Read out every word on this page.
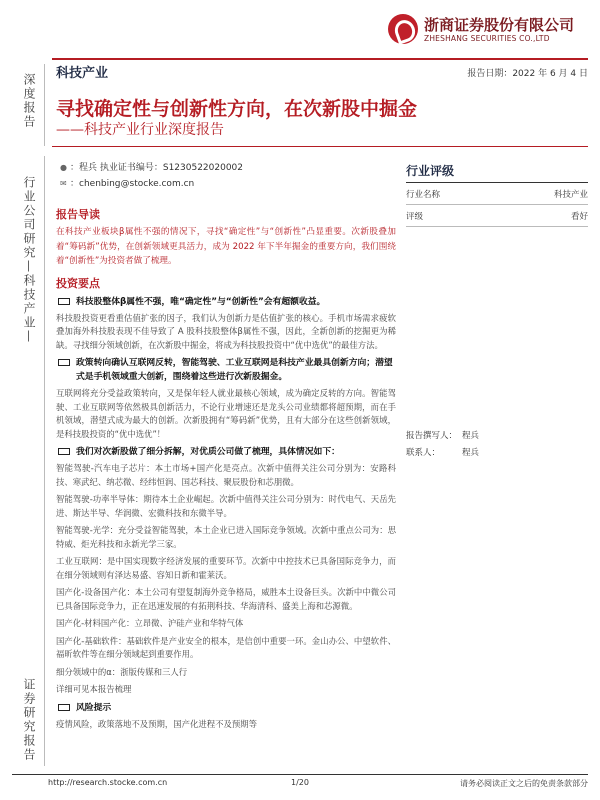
浙商证券股份有限公司
ZHESHANG SECURITIES CO.,LTD
科技产业	报告日期：2022 年 6 月 4 日
深度报告
行业公司研究—科技产业—
证券研究报告
寻找确定性与创新性方向，在次新股中掘金
——科技产业行业深度报告
● ：程兵 执业证书编号：S1230522020002
✉ ：chenbing@stocke.com.cn
报告导读
在科技产业板块β属性不强的情况下，寻找“确定性”与“创新性”凸显重要。次新股叠加着“筹码新”优势，在创新领域更具活力，成为 2022 年下半年掘金的重要方向，我们围绕着“创新性”为投资者做了梳理。
投资要点
科技股整体β属性不强，唯“确定性”与“创新性”会有超额收益。
科技股投资更看重估值扩张的因子，我们认为创新力是估值扩张的核心。手机市场需求疲软叠加海外科技股表现不佳导致了 A 股科技股整体β属性不强，因此，全新创新的挖掘更为稀缺。寻找细分领域创新，在次新股中掘金，将成为科技股投资中“优中选优”的最佳方法。
政策转向确认互联网反转，智能驾驶、工业互联网是科技产业最具创新方向；潜望式是手机领域重大创新，围绕着这些进行次新股掘金。
互联网将充分受益政策转向，又是保年轻人就业最核心领域，成为确定反转的方向。智能驾驶、工业互联网等依然极具创新活力，不论行业增速还是龙头公司业绩都将超预期，而在手机领域，潜望式成为最大的创新。次新股拥有“筹码新”优势，且有大部分在这些创新领域，是科技股投资的“优中选优”！
我们对次新股做了细分拆解，对优质公司做了梳理，具体情况如下：
智能驾驶-汽车电子芯片：本土市场+国产化是亮点。次新中值得关注公司分别为：安路科技、寒武纪、纳芯微、经纬恒润、国芯科技、聚辰股份和芯朋微。
智能驾驶-功率半导体：期待本土企业崛起。次新中值得关注公司分别为：时代电气、天岳先进、斯达半导、华润微、宏微科技和东微半导。
智能驾驶-光学：充分受益智能驾驶，本土企业已进入国际竞争领域。次新中重点公司为：思特威、炬光科技和永新光学三家。
工业互联网：是中国实现数字经济发展的重要环节。次新中中控技术已具备国际竞争力，而在细分领域则有泽达易盛、容知日新和霍莱沃。
国产化-设备国产化：本土公司有望复制海外竞争格局，威胜本土设备巨头。次新中中微公司已具备国际竞争力，正在迅速发展的有拓荆科技、华海清科、盛美上海和芯源微。
国产化-材料国产化：立昂微、沪硅产业和华特气体
国产化-基础软件：基础软件是产业安全的根本，是信创中重要一环。金山办公、中望软件、福昕软件等在细分领域起到重要作用。
细分领域中的α：浙版传媒和三人行
详细可见本报告梳理
风险提示
疫情风险，政策落地不及预期，国产化进程不及预期等
行业评级
行业名称	科技产业
评级	看好
报告撰写人： 程兵
联系人：	程兵
http://research.stocke.com.cn	1/20	请务必阅读正文之后的免责条款部分
